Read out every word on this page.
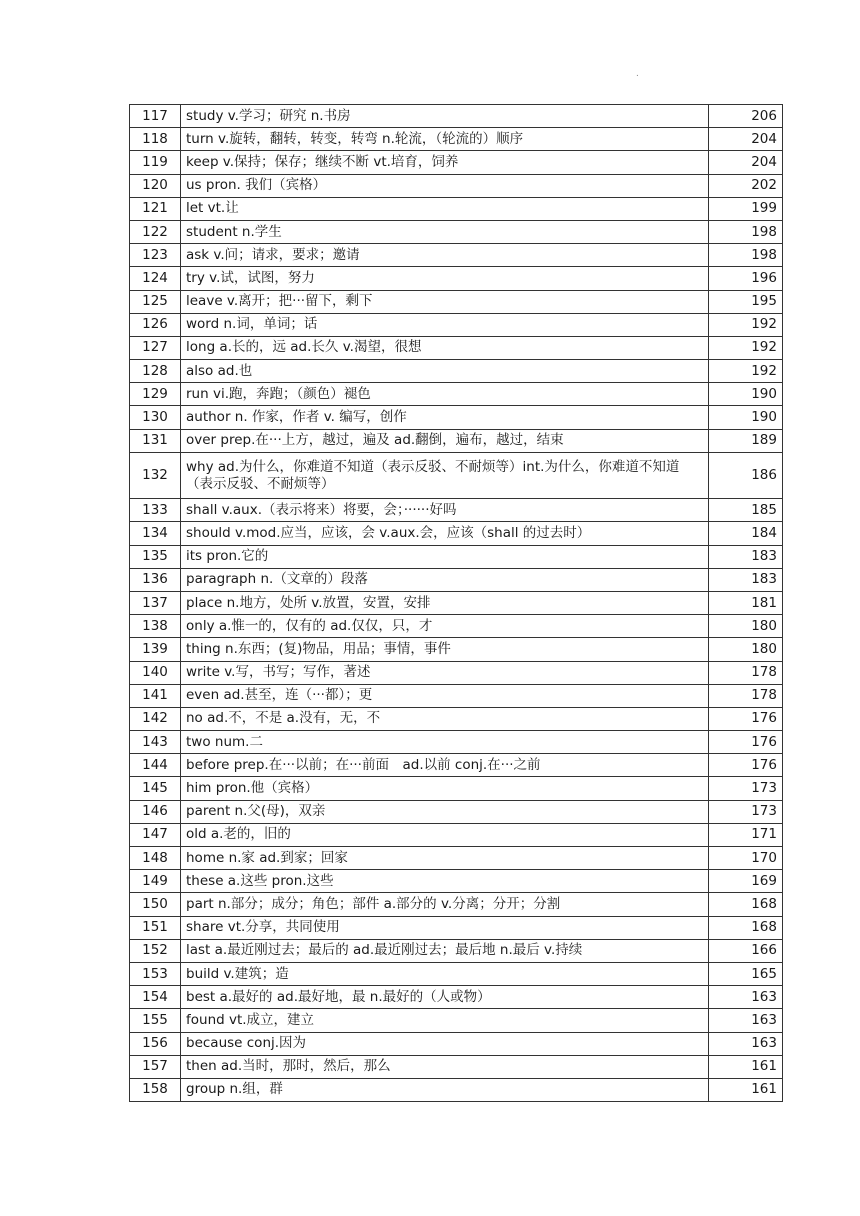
.
117	study v.学习；研究 n.书房	206
118	turn v.旋转，翻转，转变，转弯 n.轮流，（轮流的）顺序	204
119	keep v.保持；保存；继续不断 vt.培育，饲养	204
120	us pron. 我们（宾格）	202
121	let vt.让	199
122	student n.学生	198
123	ask v.问；请求，要求；邀请	198
124	try v.试，试图，努力	196
125	leave v.离开；把···留下，剩下	195
126	word n.词，单词；话	192
127	long a.长的，远 ad.长久 v.渴望，很想	192
128	also ad.也	192
129	run vi.跑，奔跑；（颜色）褪色	190
130	author n. 作家，作者 v. 编写，创作	190
131	over prep.在···上方，越过，遍及 ad.翻倒，遍布，越过，结束	189
132	why ad.为什么，你难道不知道（表示反驳、不耐烦等）int.为什么，你难道不知道（表示反驳、不耐烦等）	186
133	shall v.aux.（表示将来）将要，会；······好吗	185
134	should v.mod.应当，应该，会 v.aux.会，应该（shall 的过去时）	184
135	its pron.它的	183
136	paragraph n.（文章的）段落	183
137	place n.地方，处所 v.放置，安置，安排	181
138	only a.惟一的，仅有的 ad.仅仅，只，才	180
139	thing n.东西；(复)物品，用品；事情，事件	180
140	write v.写，书写；写作，著述	178
141	even ad.甚至，连（···都）；更	178
142	no ad.不，不是 a.没有，无，不	176
143	two num.二	176
144	before prep.在···以前；在···前面　ad.以前 conj.在···之前	176
145	him pron.他（宾格）	173
146	parent n.父(母)，双亲	173
147	old a.老的，旧的	171
148	home n.家 ad.到家；回家	170
149	these a.这些 pron.这些	169
150	part n.部分；成分；角色；部件 a.部分的 v.分离；分开；分割	168
151	share vt.分享，共同使用	168
152	last a.最近刚过去；最后的 ad.最近刚过去；最后地 n.最后 v.持续	166
153	build v.建筑；造	165
154	best a.最好的 ad.最好地，最 n.最好的（人或物）	163
155	found vt.成立，建立	163
156	because conj.因为	163
157	then ad.当时，那时，然后，那么	161
158	group n.组，群	161
